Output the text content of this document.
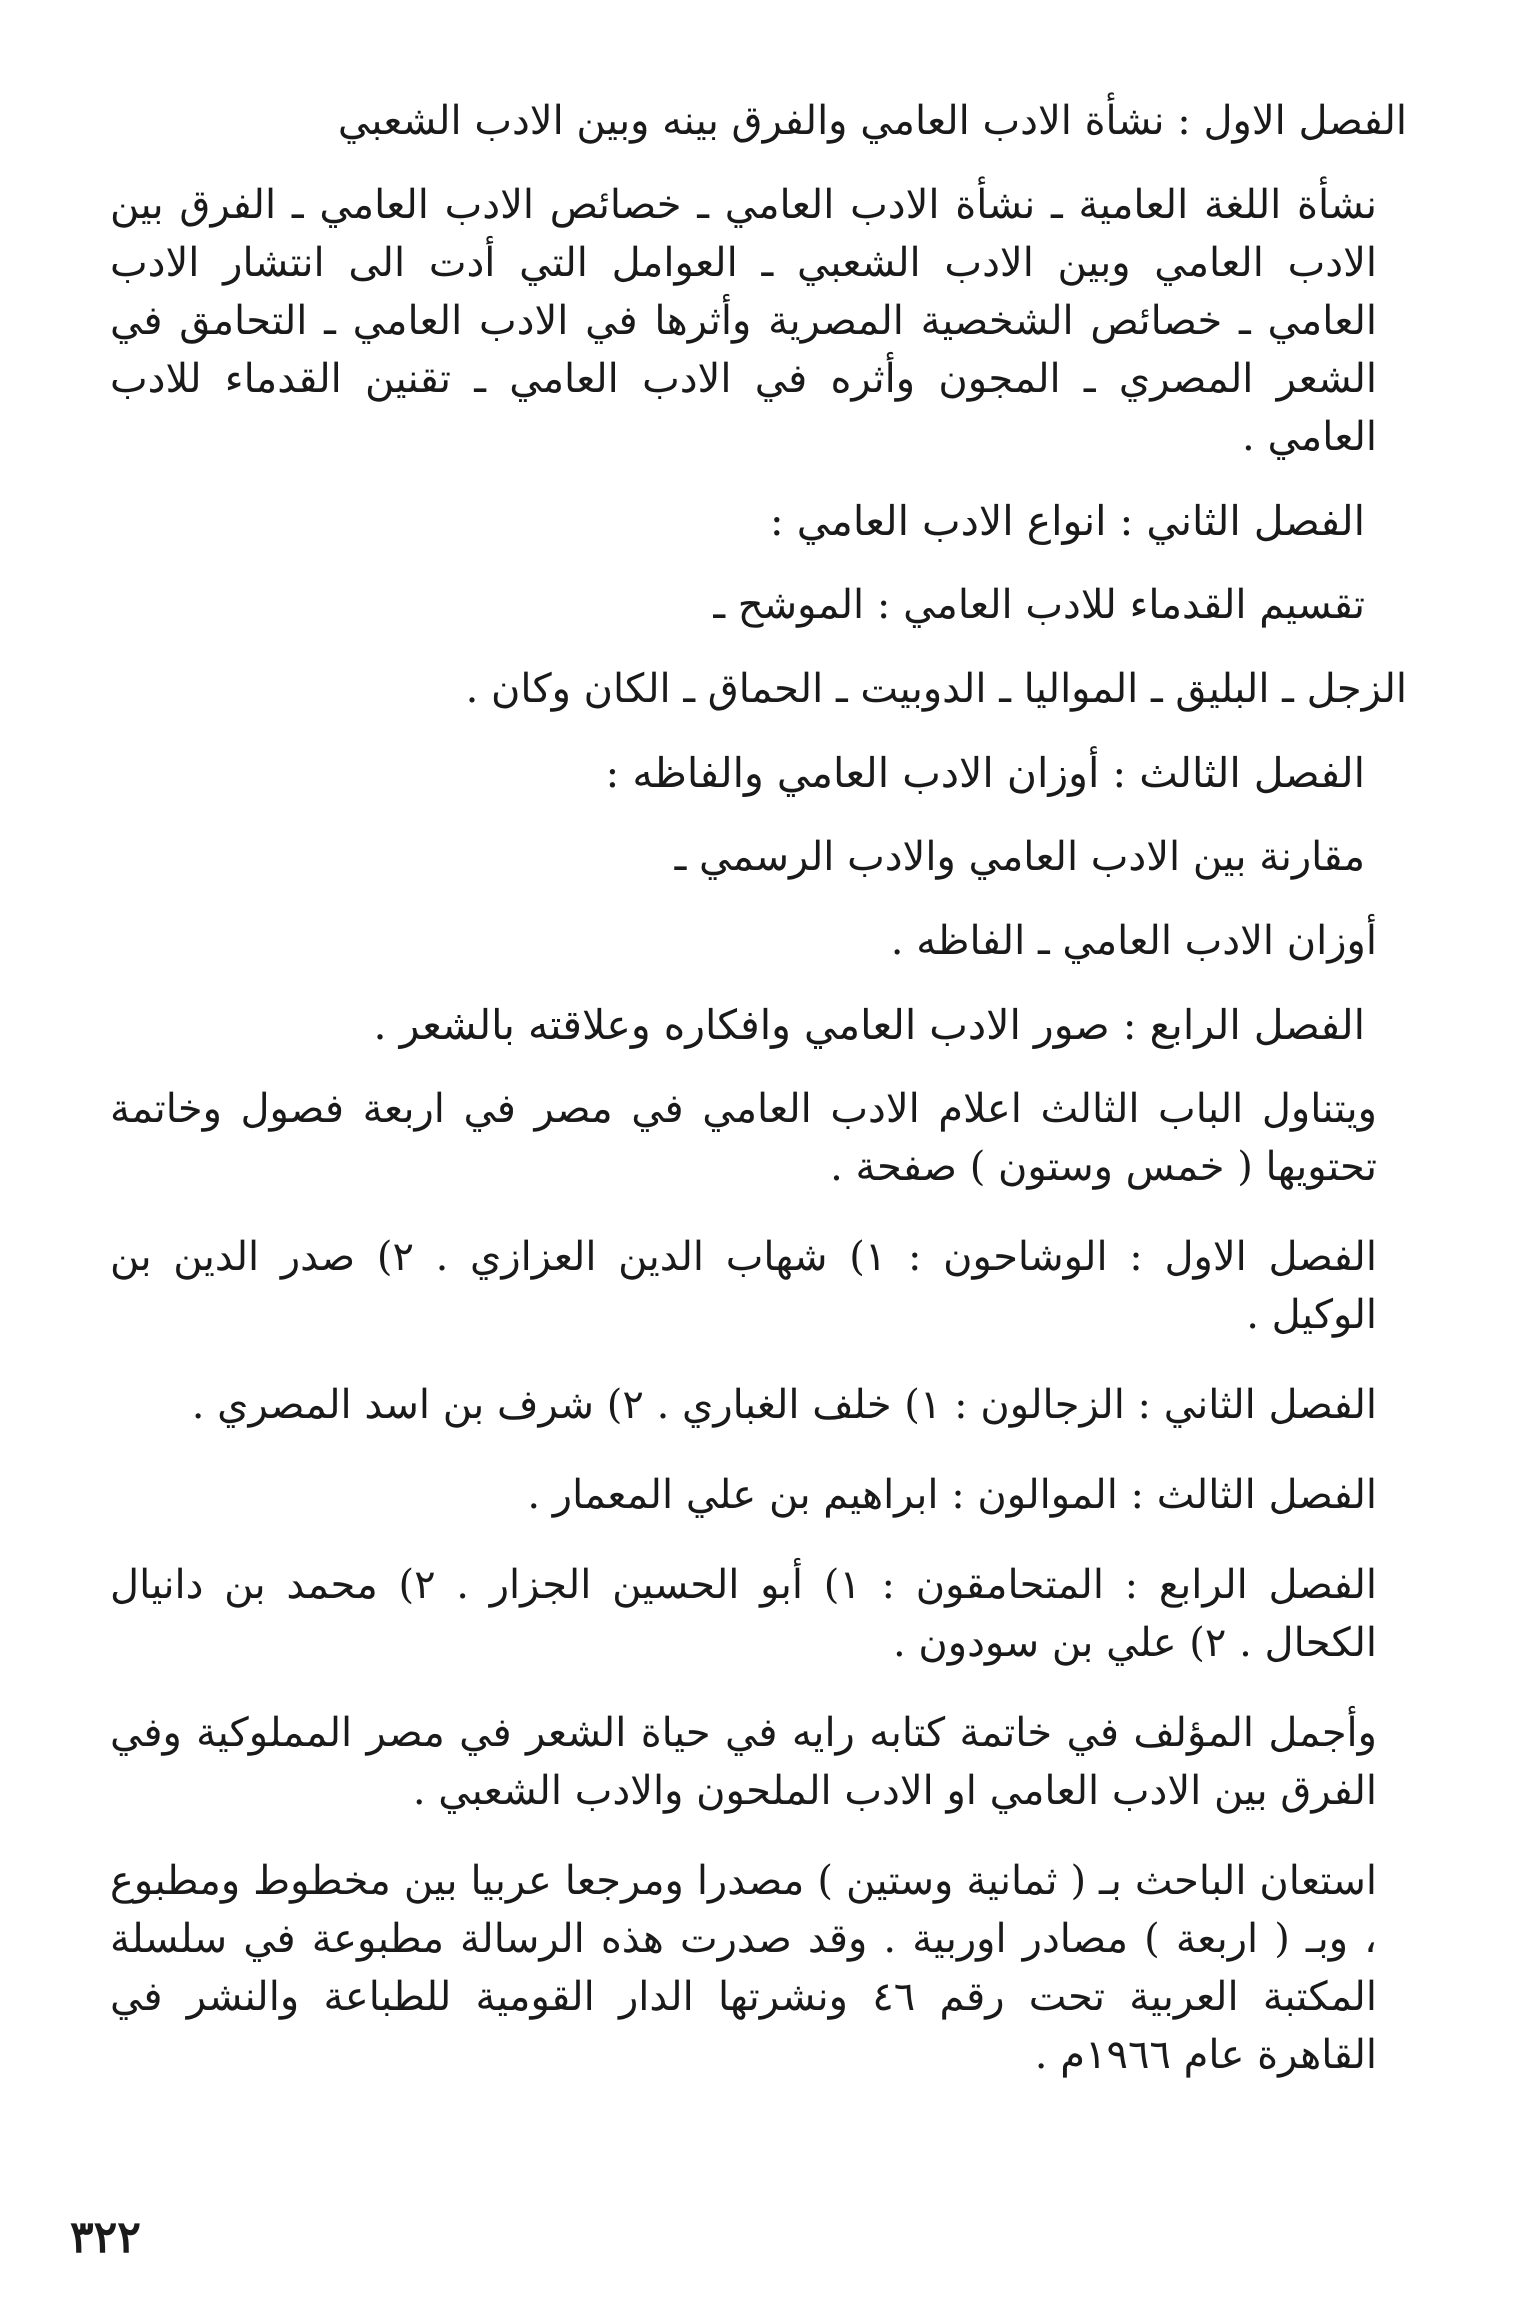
الفصل الاول : نشأة الادب العامي والفرق بينه وبين الادب الشعبي

نشأة اللغة العامية ـ نشأة الادب العامي ـ خصائص الادب العامي ـ الفرق بين الادب العامي وبين الادب الشعبي ـ العوامل التي أدت الى انتشار الادب العامي ـ خصائص الشخصية المصرية وأثرها في الادب العامي ـ التحامق في الشعر المصري ـ المجون وأثره في الادب العامي ـ تقنين القدماء للادب العامي .

الفصل الثاني : انواع الادب العامي :

تقسيم القدماء للادب العامي : الموشح ـ

الزجل ـ البليق ـ المواليا ـ الدوبيت ـ الحماق ـ الكان وكان .

الفصل الثالث : أوزان الادب العامي والفاظه :

مقارنة بين الادب العامي والادب الرسمي ـ

أوزان الادب العامي ـ الفاظه .

الفصل الرابع : صور الادب العامي وافكاره وعلاقته بالشعر .

ويتناول الباب الثالث اعلام الادب العامي في مصر في اربعة فصول وخاتمة تحتويها ( خمس وستون ) صفحة .

الفصل الاول : الوشاحون : ١) شهاب الدين العزازي . ٢) صدر الدين بن الوكيل .

الفصل الثاني : الزجالون : ١) خلف الغباري . ٢) شرف بن اسد المصري .

الفصل الثالث : الموالون : ابراهيم بن علي المعمار .

الفصل الرابع : المتحامقون : ١) أبو الحسين الجزار . ٢) محمد بن دانيال الكحال . ٢) علي بن سودون .

وأجمل المؤلف في خاتمة كتابه رايه في حياة الشعر في مصر المملوكية وفي الفرق بين الادب العامي او الادب الملحون والادب الشعبي .

استعان الباحث بـ ( ثمانية وستين ) مصدرا ومرجعا عربيا بين مخطوط ومطبوع ، وبـ ( اربعة ) مصادر اوربية . وقد صدرت هذه الرسالة مطبوعة في سلسلة المكتبة العربية تحت رقم ٤٦ ونشرتها الدار القومية للطباعة والنشر في القاهرة عام ١٩٦٦م .

٣٢٢
